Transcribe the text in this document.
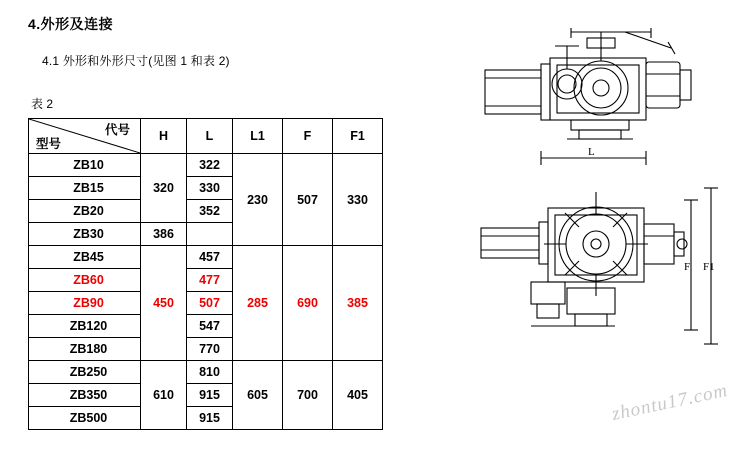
4.外形及连接
4.1 外形和外形尺寸(见图 1 和表 2)
表 2
型号
代号	H	L	L1	F	F1
ZB10	320	322	230	507	330
ZB15		330			
ZB20		352			
ZB30	386				
ZB45	450	457	285	690	385
ZB60		477			
ZB90		507			
ZB120		547			
ZB180		770			
ZB250	610	810	605	700	405
ZB350		915			
ZB500		915			
L
F F1
zhontu17.com
